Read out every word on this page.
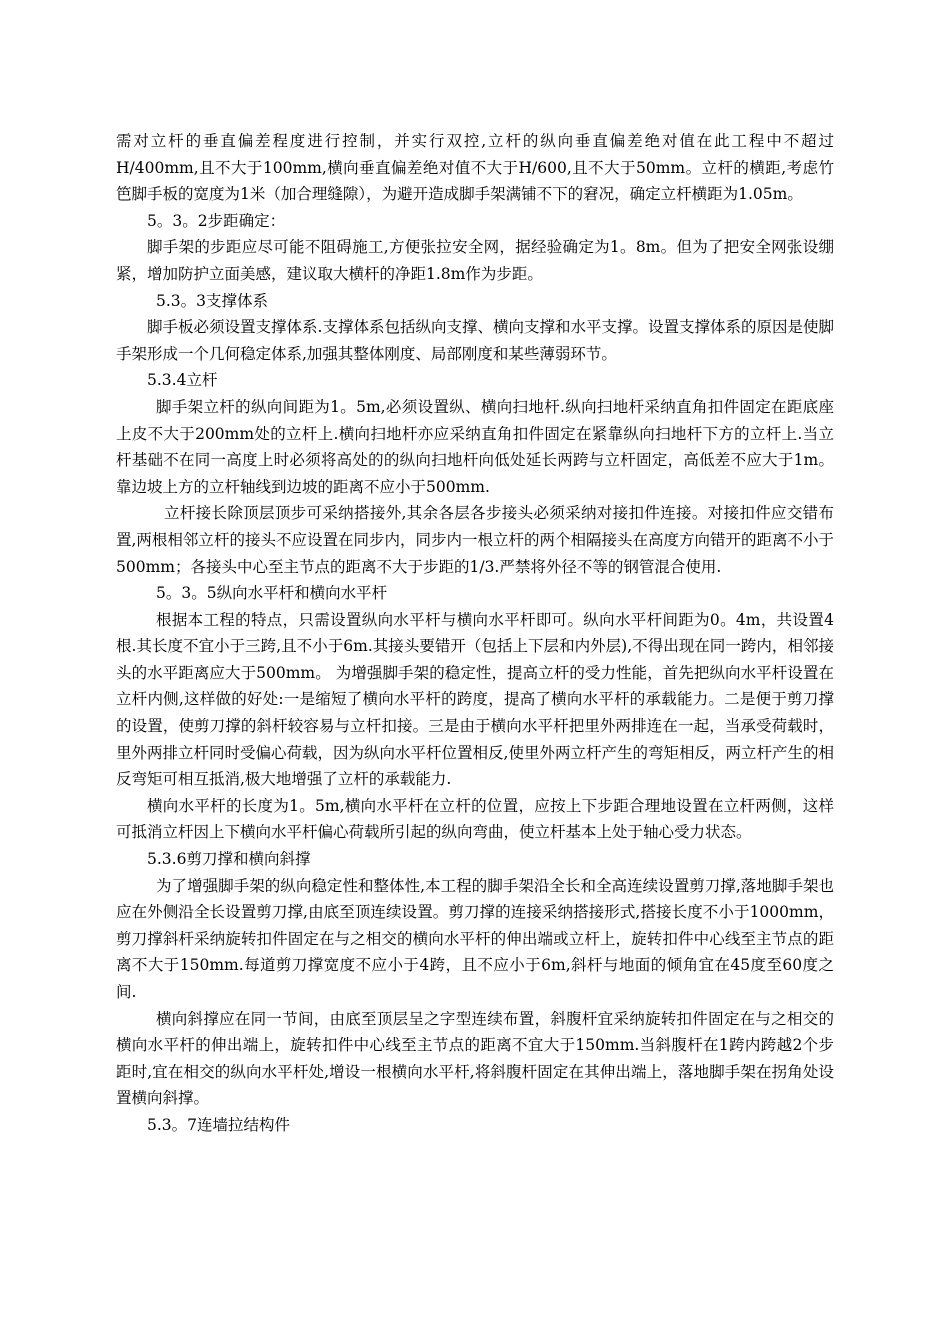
需对立杆的垂直偏差程度进行控制，并实行双控,立杆的纵向垂直偏差绝对值在此工程中不超过H/400mm,且不大于100mm,横向垂直偏差绝对值不大于H/600,且不大于50mm。立杆的横距,考虑竹笆脚手板的宽度为1米（加合理缝隙），为避开造成脚手架满铺不下的窘况，确定立杆横距为1.05m。

5。3。2步距确定：

脚手架的步距应尽可能不阻碍施工,方便张拉安全网，据经验确定为1。8m。但为了把安全网张设绷紧，增加防护立面美感，建议取大横杆的净距1.8m作为步距。

5.3。3支撑体系

脚手板必须设置支撑体系.支撑体系包括纵向支撑、横向支撑和水平支撑。设置支撑体系的原因是使脚手架形成一个几何稳定体系,加强其整体刚度、局部刚度和某些薄弱环节。

5.3.4立杆

脚手架立杆的纵向间距为1。5m,必须设置纵、横向扫地杆.纵向扫地杆采纳直角扣件固定在距底座上皮不大于200mm处的立杆上.横向扫地杆亦应采纳直角扣件固定在紧靠纵向扫地杆下方的立杆上.当立杆基础不在同一高度上时必须将高处的的纵向扫地杆向低处延长两跨与立杆固定，高低差不应大于1m。靠边坡上方的立杆轴线到边坡的距离不应小于500mm.

立杆接长除顶层顶步可采纳搭接外,其余各层各步接头必须采纳对接扣件连接。对接扣件应交错布置,两根相邻立杆的接头不应设置在同步内，同步内一根立杆的两个相隔接头在高度方向错开的距离不小于500mm；各接头中心至主节点的距离不大于步距的1/3.严禁将外径不等的钢管混合使用.

5。3。5纵向水平杆和横向水平杆

根据本工程的特点，只需设置纵向水平杆与横向水平杆即可。纵向水平杆间距为0。4m，共设置4根.其长度不宜小于三跨,且不小于6m.其接头要错开（包括上下层和内外层),不得出现在同一跨内，相邻接头的水平距离应大于500mm。 为增强脚手架的稳定性，提高立杆的受力性能，首先把纵向水平杆设置在立杆内侧,这样做的好处:一是缩短了横向水平杆的跨度，提高了横向水平杆的承载能力。二是便于剪刀撑的设置，使剪刀撑的斜杆较容易与立杆扣接。三是由于横向水平杆把里外两排连在一起，当承受荷载时，里外两排立杆同时受偏心荷载，因为纵向水平杆位置相反,使里外两立杆产生的弯矩相反，两立杆产生的相反弯矩可相互抵消,极大地增强了立杆的承载能力.

横向水平杆的长度为1。5m,横向水平杆在立杆的位置，应按上下步距合理地设置在立杆两侧，这样可抵消立杆因上下横向水平杆偏心荷载所引起的纵向弯曲，使立杆基本上处于轴心受力状态。

5.3.6剪刀撑和横向斜撑

为了增强脚手架的纵向稳定性和整体性,本工程的脚手架沿全长和全高连续设置剪刀撑,落地脚手架也应在外侧沿全长设置剪刀撑,由底至顶连续设置。剪刀撑的连接采纳搭接形式,搭接长度不小于1000mm，剪刀撑斜杆采纳旋转扣件固定在与之相交的横向水平杆的伸出端或立杆上，旋转扣件中心线至主节点的距离不大于150mm.每道剪刀撑宽度不应小于4跨，且不应小于6m,斜杆与地面的倾角宜在45度至60度之间.

横向斜撑应在同一节间，由底至顶层呈之字型连续布置，斜腹杆宜采纳旋转扣件固定在与之相交的横向水平杆的伸出端上，旋转扣件中心线至主节点的距离不宜大于150mm.当斜腹杆在1跨内跨越2个步距时,宜在相交的纵向水平杆处,增设一根横向水平杆,将斜腹杆固定在其伸出端上，落地脚手架在拐角处设置横向斜撑。

5.3。7连墙拉结构件
